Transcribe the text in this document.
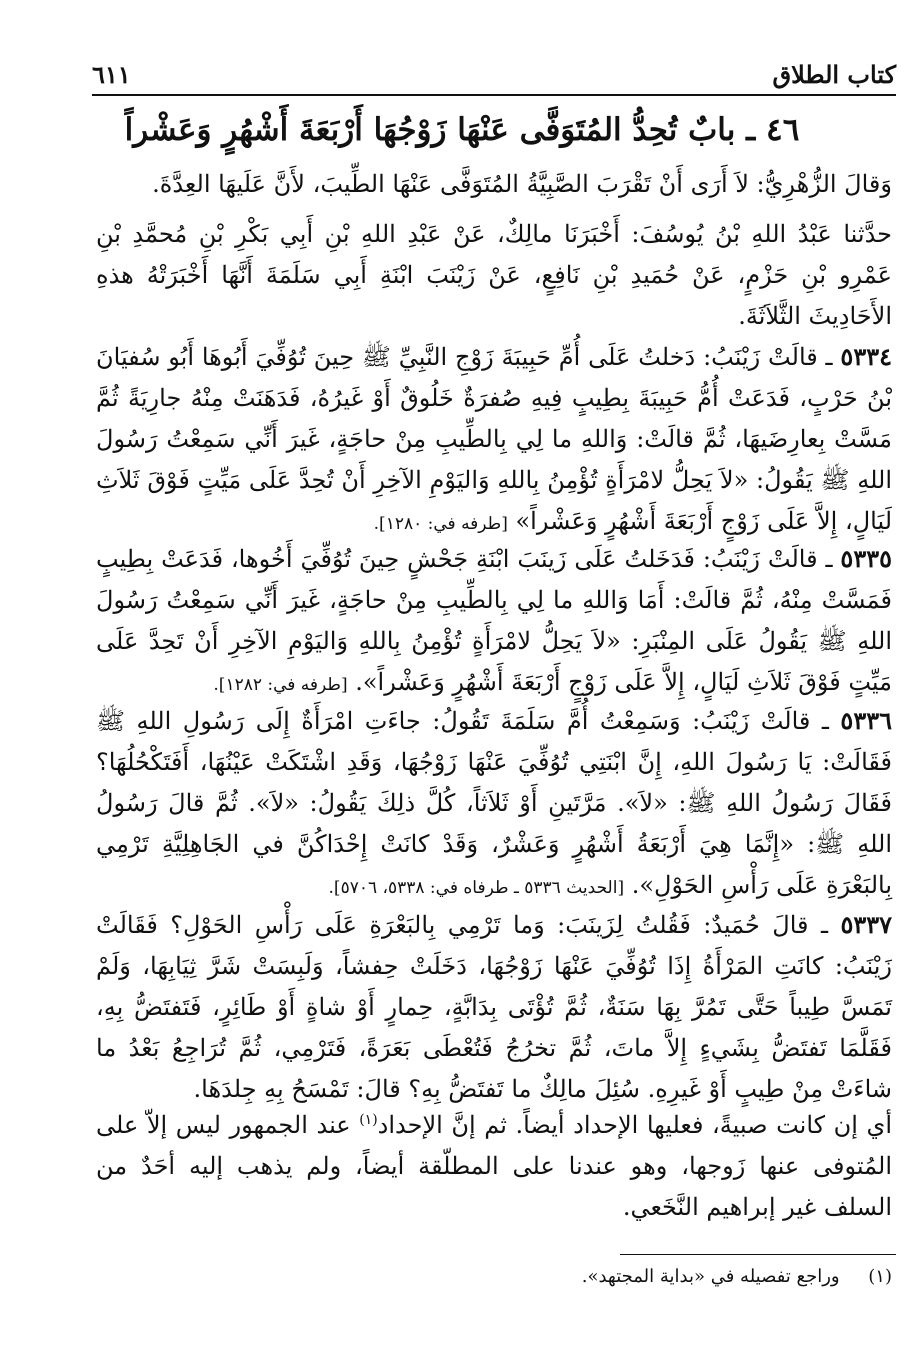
كتاب الطلاق
٦١١
٤٦ ـ بابٌ تُحِدُّ المُتَوَفَّى عَنْهَا زَوْجُهَا أَرْبَعَةَ أَشْهُرٍ وَعَشْراً
وَقالَ الزُّهْرِيُّ: لاَ أَرَى أَنْ تَقْرَبَ الصَّبِيَّةُ المُتَوَفَّى عَنْهَا الطِّيبَ، لأَنَّ عَلَيهَا العِدَّةَ.
حدَّثنا عَبْدُ اللهِ بْنُ يُوسُفَ: أَخْبَرَنَا مالِكٌ، عَنْ عَبْدِ اللهِ بْنِ أَبِي بَكْرِ بْنِ مُحمَّدِ بْنِ عَمْرِو بْنِ حَزْمٍ، عَنْ حُمَيدِ بْنِ نَافِعٍ، عَنْ زَيْنَبَ ابْنَةِ أَبِي سَلَمَةَ أَنَّهَا أَخْبَرَتْهُ هذهِ الأَحَادِيثَ الثَّلاَثَةَ.
٥٣٣٤ ـ قالَتْ زَيْنَبُ: دَخلتُ عَلَى أُمِّ حَبِيبَةَ زَوْجِ النَّبِيِّ ﷺ حِينَ تُوُفِّيَ أَبُوهَا أَبُو سُفيَانَ بْنُ حَرْبٍ، فَدَعَتْ أُمُّ حَبِيبَةَ بِطِيبٍ فِيهِ صُفرَةٌ خَلُوقٌ أَوْ غَيرُهُ، فَدَهَنَتْ مِنْهُ جارِيَةً ثُمَّ مَسَّتْ بِعارِضَيهَا، ثُمَّ قالَتْ: وَاللهِ ما لِي بِالطِّيبِ مِنْ حاجَةٍ، غَيرَ أَنِّي سَمِعْتُ رَسُولَ اللهِ ﷺ يَقُولُ: «لاَ يَحِلُّ لامْرَأَةٍ تُؤْمِنُ بِاللهِ وَاليَوْمِ الآخِرِ أَنْ تُحِدَّ عَلَى مَيِّتٍ فَوْقَ ثَلاَثِ لَيَالٍ، إِلاَّ عَلَى زَوْجٍ أَرْبَعَةَ أَشْهُرٍ وَعَشْراً» [طرفه في: ١٢٨٠].
٥٣٣٥ ـ قالَتْ زَيْنَبُ: فَدَخَلتُ عَلَى زَينَبَ ابْنَةِ جَحْشٍ حِينَ تُوُفِّيَ أَخُوها، فَدَعَتْ بِطِيبٍ فَمَسَّتْ مِنْهُ، ثُمَّ قالَتْ: أَمَا وَاللهِ ما لِي بِالطِّيبِ مِنْ حاجَةٍ، غَيرَ أَنِّي سَمِعْتُ رَسُولَ اللهِ ﷺ يَقُولُ عَلَى المِنْبَرِ: «لاَ يَحِلُّ لامْرَأَةٍ تُؤْمِنُ بِاللهِ وَاليَوْمِ الآخِرِ أَنْ تَحِدَّ عَلَى مَيِّتٍ فَوْقَ ثَلاَثِ لَيَالٍ، إِلاَّ عَلَى زَوْجٍ أَرْبَعَةَ أَشْهُرٍ وَعَشْراً». [طرفه في: ١٢٨٢].
٥٣٣٦ ـ قالَتْ زَيْنَبُ: وَسَمِعْتُ أُمَّ سَلَمَةَ تَقُولُ: جاءَتِ امْرَأَةٌ إِلَى رَسُولِ اللهِ ﷺ فَقَالَتْ: يَا رَسُولَ اللهِ، إِنَّ ابْنَتِي تُوُفِّيَ عَنْهَا زَوْجُهَا، وَقَدِ اشْتَكَتْ عَيْنُهَا، أَفَتَكْحُلُهَا؟ فَقَالَ رَسُولُ اللهِ ﷺ: «لاَ». مَرَّتَينِ أَوْ ثَلاَثاً، كُلَّ ذلِكَ يَقُولُ: «لاَ». ثُمَّ قالَ رَسُولُ اللهِ ﷺ: «إِنَّمَا هِيَ أَرْبَعَةُ أَشْهُرٍ وَعَشْرٌ، وَقَدْ كانَتْ إِحْدَاكُنَّ في الجَاهِلِيَّةِ تَرْمِي بِالبَعْرَةِ عَلَى رَأْسِ الحَوْلِ». [الحديث ٥٣٣٦ ـ طرفاه في: ٥٣٣٨، ٥٧٠٦].
٥٣٣٧ ـ قالَ حُمَيدٌ: فَقُلتُ لِزَينَبَ: وَما تَرْمِي بِالبَعْرَةِ عَلَى رَأْسِ الحَوْلِ؟ فَقَالَتْ زَيْنَبُ: كانَتِ المَرْأَةُ إِذَا تُوُفِّيَ عَنْهَا زَوْجُهَا، دَخَلَتْ حِفشاً، وَلَبِسَتْ شَرَّ ثِيَابِهَا، وَلَمْ تَمَسَّ طِيباً حَتَّى تَمُرَّ بِهَا سَنَةٌ، ثُمَّ تُؤْتَى بِدَابَّةٍ، حِمارٍ أَوْ شاةٍ أَوْ طَائِرٍ، فَتَفتَضُّ بِهِ، فَقَلَّمَا تَفتَضُّ بِشَيءٍ إِلاَّ ماتَ، ثُمَّ تخرُجُ فَتُعْطَى بَعَرَةً، فَتَرْمِي، ثُمَّ تُرَاجِعُ بَعْدُ ما شاءَتْ مِنْ طِيبٍ أَوْ غَيرِهِ. سُئِلَ مالِكٌ ما تَفتَضُّ بِهِ؟ قالَ: تَمْسَحُ بِهِ جِلدَهَا.
أي إن كانت صبيةً، فعليها الإحداد أيضاً. ثم إنَّ الإحداد$^{(١)}$ عند الجمهور ليس إلاّ على المُتوفى عنها زَوجها، وهو عندنا على المطلّقة أيضاً، ولم يذهب إليه أحَدٌ من السلف غير إبراهيم النَّخَعي.
(١)     وراجع تفصيله في «بداية المجتهد».
